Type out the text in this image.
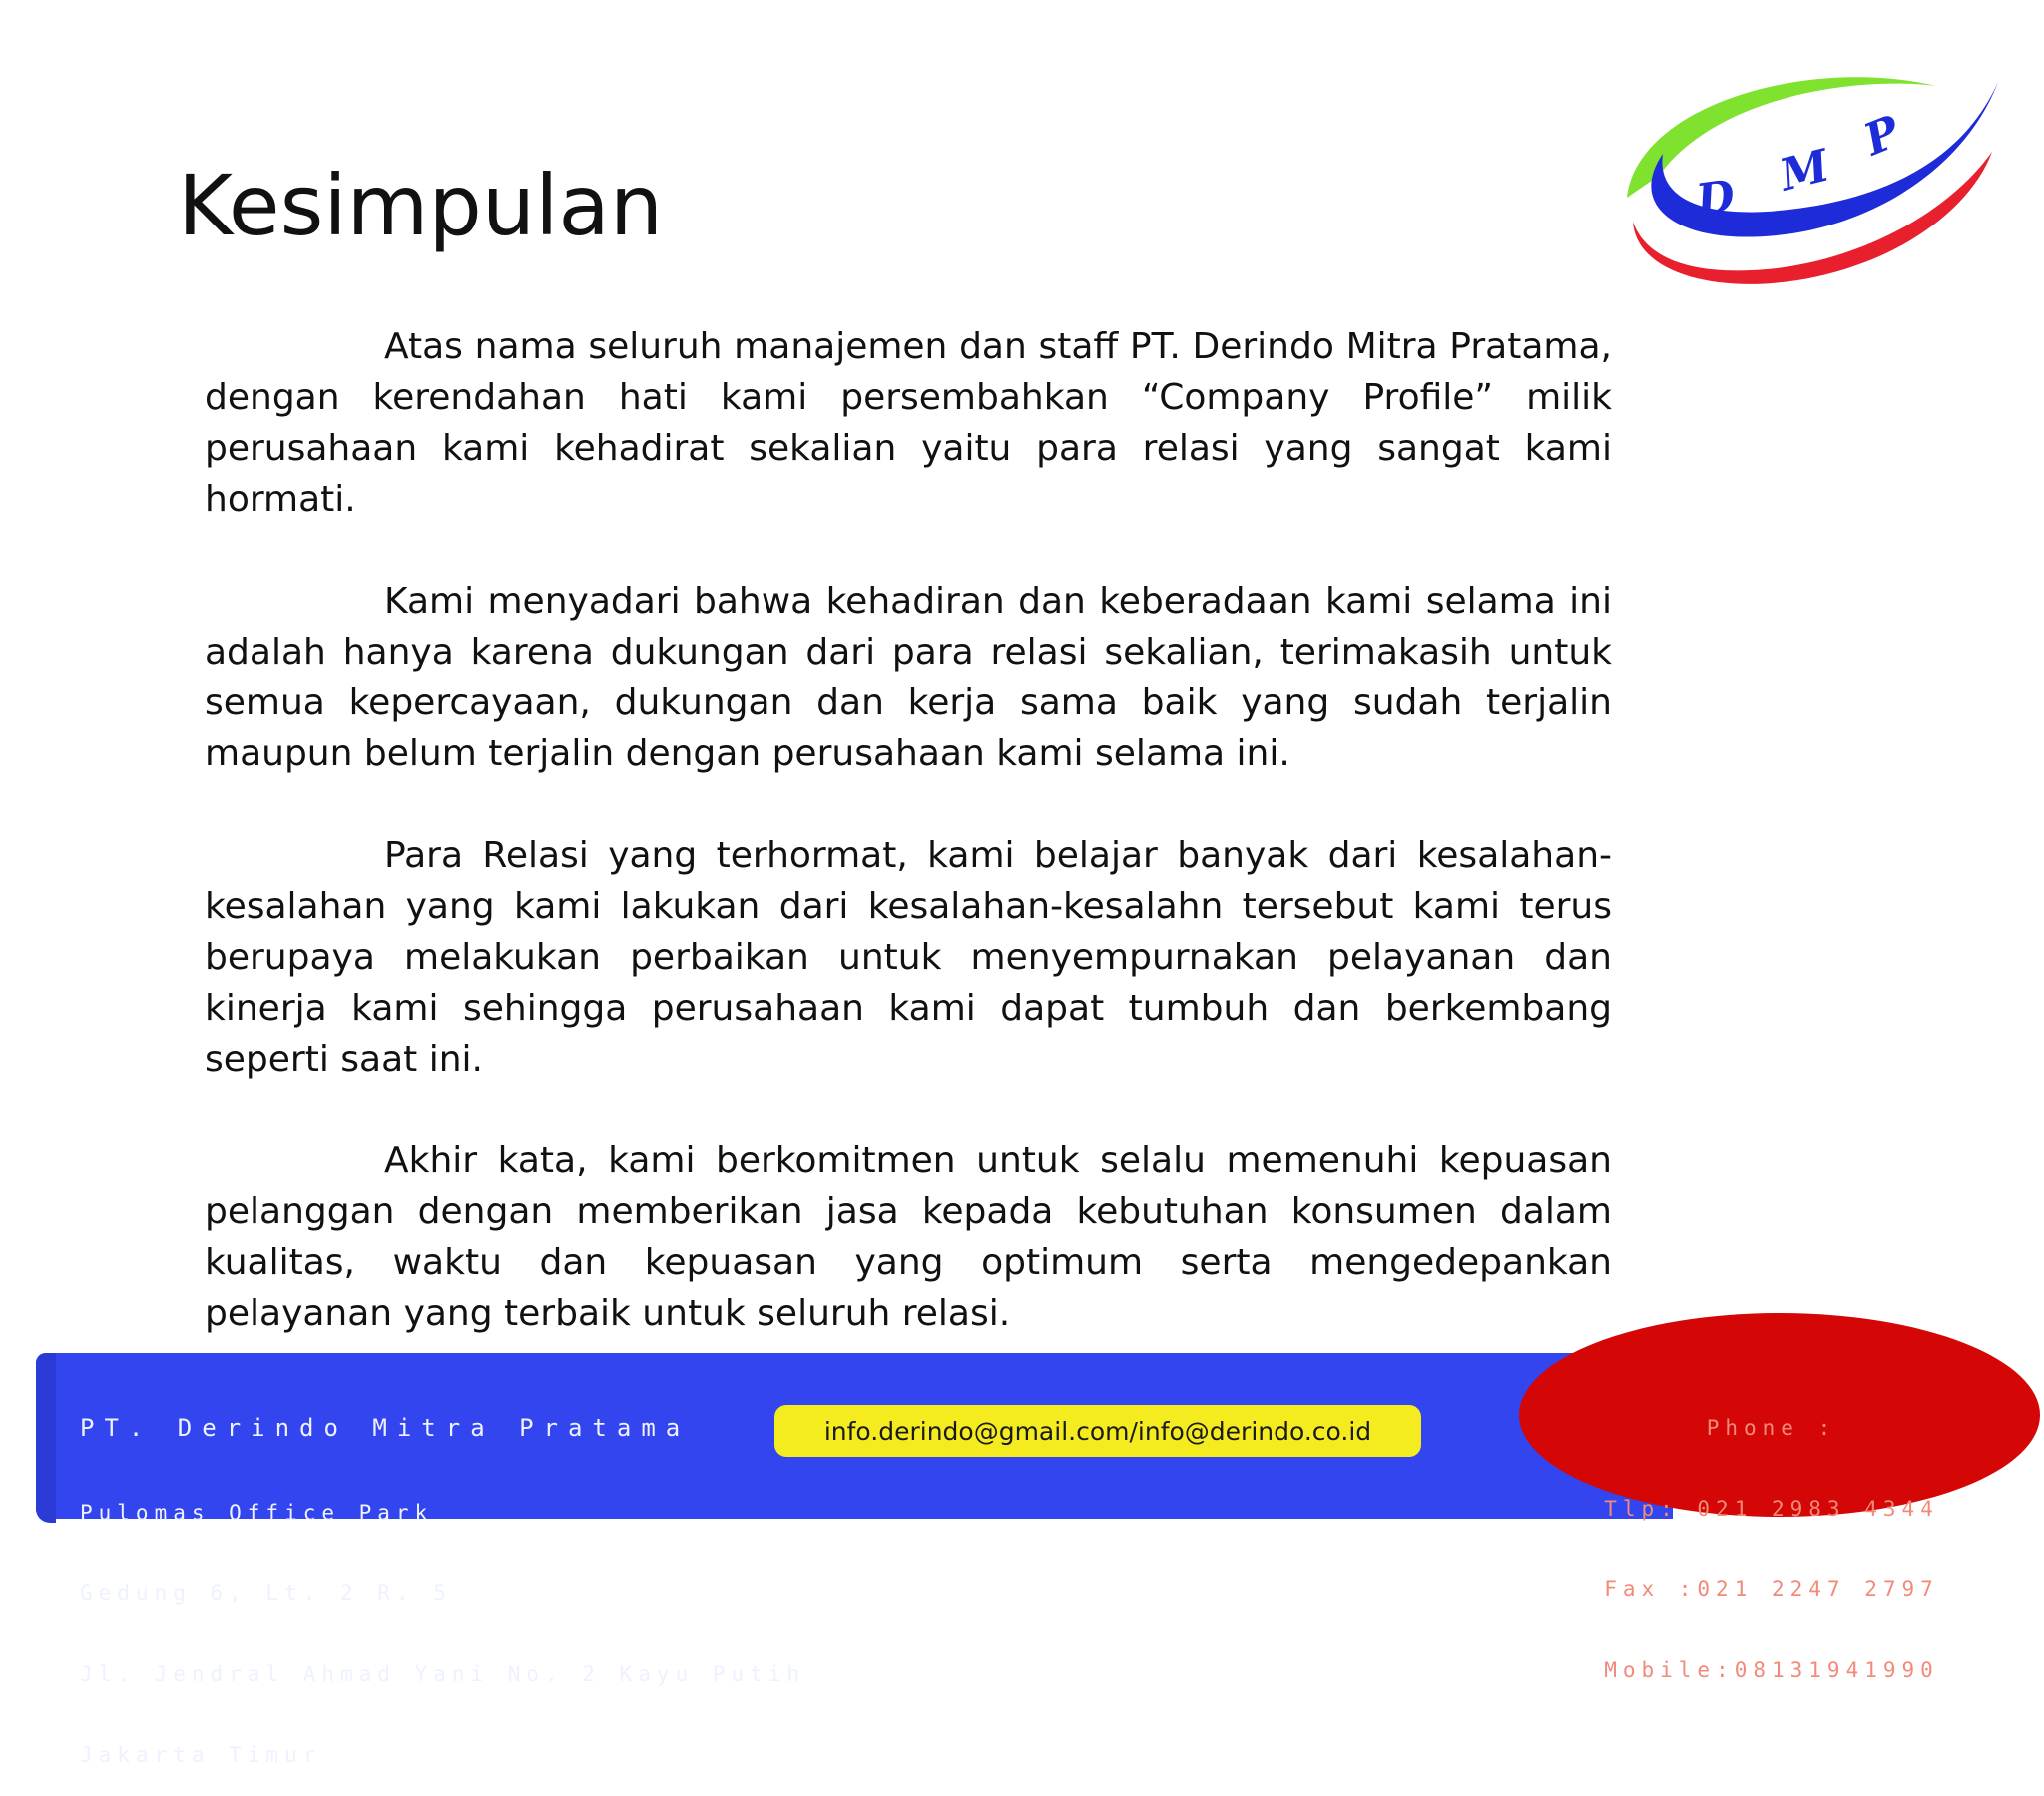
Kesimpulan	D M
P

Atas nama seluruh manajemen dan staff PT. Derindo Mitra Pratama, dengan kerendahan hati kami persembahkan “Company Profile” milik perusahaan kami kehadirat sekalian yaitu para relasi yang sangat kami hormati.

Kami menyadari bahwa kehadiran dan keberadaan kami selama ini adalah hanya karena dukungan dari para relasi sekalian, terimakasih untuk semua kepercayaan, dukungan dan kerja sama baik yang sudah terjalin maupun belum terjalin dengan perusahaan kami selama ini.

Para Relasi yang terhormat, kami belajar banyak dari kesalahan-kesalahan yang kami lakukan dari kesalahan-kesalahn tersebut kami terus berupaya melakukan perbaikan untuk menyempurnakan pelayanan dan kinerja kami sehingga perusahaan kami dapat tumbuh dan berkembang seperti saat ini.

Akhir kata, kami berkomitmen untuk selalu memenuhi kepuasan pelanggan dengan memberikan jasa kepada kebutuhan konsumen dalam kualitas, waktu dan kepuasan yang optimum serta mengedepankan pelayanan yang terbaik untuk seluruh relasi.

PT. Derindo Mitra Pratama

Pulomas Office Park

Gedung 6, Lt. 2 R. 5

Jl. Jendral Ahmad Yani No. 2 Kayu Putih

Jakarta Timur

info.derindo@gmail.com/info@derindo.co.id

	Phone :

Tlp: 021 2983 4344

Fax :021 2247 2797

Mobile:08131941990
